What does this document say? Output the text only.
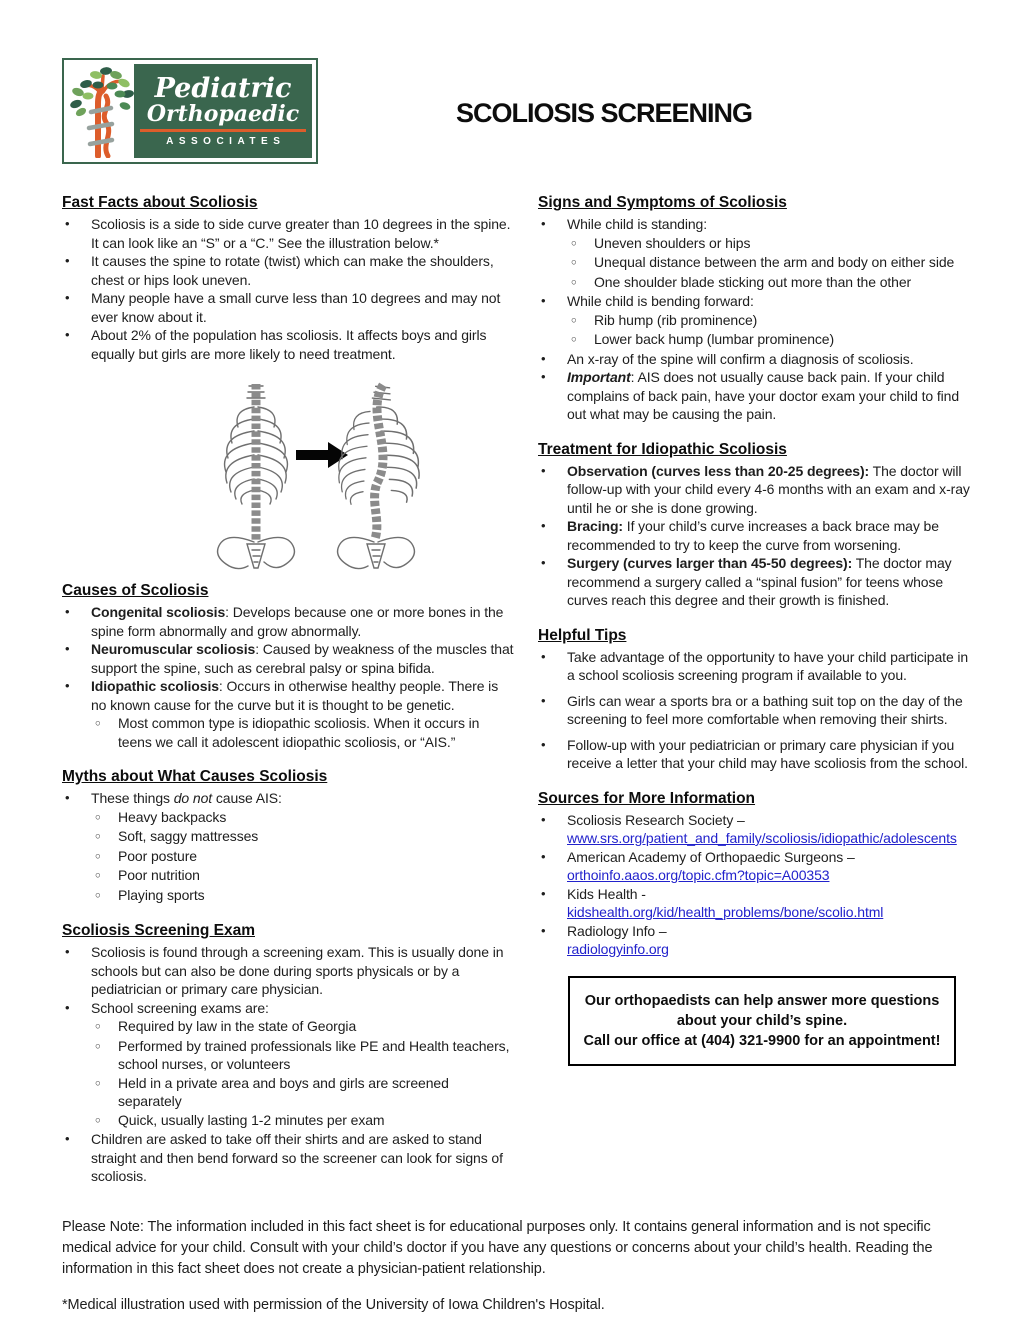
Pediatric
Orthopaedic
ASSOCIATES
SCOLIOSIS SCREENING
Fast Facts about Scoliosis
•	Scoliosis is a side to side curve greater than 10 degrees in the spine. It can look like an “S” or a “C.” See the illustration below.*
•	It causes the spine to rotate (twist) which can make the shoulders, chest or hips look uneven.
•	Many people have a small curve less than 10 degrees and may not ever know about it.
•	About 2% of the population has scoliosis. It affects boys and girls equally but girls are more likely to need treatment.
Causes of Scoliosis
•	Congenital scoliosis: Develops because one or more bones in the spine form abnormally and grow abnormally.
•	Neuromuscular scoliosis: Caused by weakness of the muscles that support the spine, such as cerebral palsy or spina bifida.
•	Idiopathic scoliosis: Occurs in otherwise healthy people. There is no known cause for the curve but it is thought to be genetic.
○	Most common type is idiopathic scoliosis. When it occurs in teens we call it adolescent idiopathic scoliosis, or “AIS.”
Myths about What Causes Scoliosis
•	These things do not cause AIS:
○	Heavy backpacks
○	Soft, saggy mattresses
○	Poor posture
○	Poor nutrition
○	Playing sports
Scoliosis Screening Exam
•	Scoliosis is found through a screening exam. This is usually done in schools but can also be done during sports physicals or by a pediatrician or primary care physician.
•	School screening exams are:
○	Required by law in the state of Georgia
○	Performed by trained professionals like PE and Health teachers, school nurses, or volunteers
○	Held in a private area and boys and girls are screened separately
○	Quick, usually lasting 1-2 minutes per exam
•	Children are asked to take off their shirts and are asked to stand straight and then bend forward so the screener can look for signs of scoliosis.
Signs and Symptoms of Scoliosis
•	While child is standing:
○	Uneven shoulders or hips
○	Unequal distance between the arm and body on either side
○	One shoulder blade sticking out more than the other
•	While child is bending forward:
○	Rib hump (rib prominence)
○	Lower back hump (lumbar prominence)
•	An x-ray of the spine will confirm a diagnosis of scoliosis.
•	Important: AIS does not usually cause back pain. If your child complains of back pain, have your doctor exam your child to find out what may be causing the pain.
Treatment for Idiopathic Scoliosis
•	Observation (curves less than 20-25 degrees): The doctor will follow-up with your child every 4-6 months with an exam and x-ray until he or she is done growing.
•	Bracing: If your child’s curve increases a back brace may be recommended to try to keep the curve from worsening.
•	Surgery (curves larger than 45-50 degrees): The doctor may recommend a surgery called a “spinal fusion” for teens whose curves reach this degree and their growth is finished.
Helpful Tips
•	Take advantage of the opportunity to have your child participate in a school scoliosis screening program if available to you.
•	Girls can wear a sports bra or a bathing suit top on the day of the screening to feel more comfortable when removing their shirts.
•	Follow-up with your pediatrician or primary care physician if you receive a letter that your child may have scoliosis from the school.
Sources for More Information
•	Scoliosis Research Society –
www.srs.org/patient_and_family/scoliosis/idiopathic/adolescents
•	American Academy of Orthopaedic Surgeons –
orthoinfo.aaos.org/topic.cfm?topic=A00353
•	Kids Health -
kidshealth.org/kid/health_problems/bone/scolio.html
•	Radiology Info –
radiologyinfo.org
Our orthopaedists can help answer more questions
about your child’s spine.
Call our office at (404) 321-9900 for an appointment!

Please Note: The information included in this fact sheet is for educational purposes only. It contains general information and is not specific medical advice for your child. Consult with your child’s doctor if you have any questions or concerns about your child’s health. Reading the information in this fact sheet does not create a physician-patient relationship.

*Medical illustration used with permission of the University of Iowa Children's Hospital.
